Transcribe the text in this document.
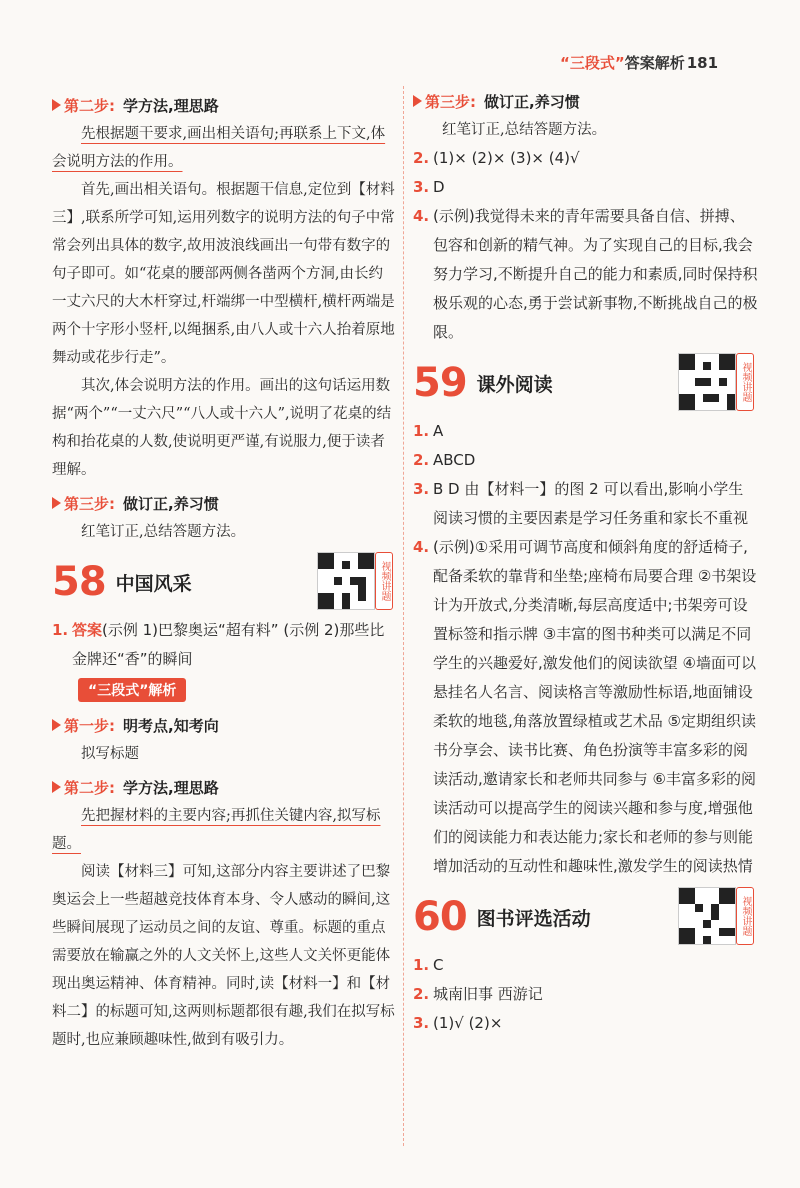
“三段式”答案解析 181
第二步: 学方法,理思路

先根据题干要求,画出相关语句;再联系上下文,体会说明方法的作用。

首先,画出相关语句。根据题干信息,定位到【材料三】,联系所学可知,运用列数字的说明方法的句子中常常会列出具体的数字,故用波浪线画出一句带有数字的句子即可。如“花桌的腰部两侧各凿两个方洞,由长约一丈六尺的大木杆穿过,杆端绑一中型横杆,横杆两端是两个十字形小竖杆,以绳捆系,由八人或十六人抬着原地舞动或花步行走”。

其次,体会说明方法的作用。画出的这句话运用数据“两个”“一丈六尺”“八人或十六人”,说明了花桌的结构和抬花桌的人数,使说明更严谨,有说服力,便于读者理解。

第三步: 做订正,养习惯

红笔订正,总结答题方法。

58 中国风采	视频讲题
1. 答案(示例 1)巴黎奥运“超有料” (示例 2)那些比金牌还“香”的瞬间
“三段式”解析
第一步: 明考点,知考向

拟写标题

第二步: 学方法,理思路

先把握材料的主要内容;再抓住关键内容,拟写标题。

阅读【材料三】可知,这部分内容主要讲述了巴黎奥运会上一些超越竞技体育本身、令人感动的瞬间,这些瞬间展现了运动员之间的友谊、尊重。标题的重点需要放在输赢之外的人文关怀上,这些人文关怀更能体现出奥运精神、体育精神。同时,读【材料一】和【材料二】的标题可知,这两则标题都很有趣,我们在拟写标题时,也应兼顾趣味性,做到有吸引力。

第三步: 做订正,养习惯

红笔订正,总结答题方法。

2. (1)× (2)× (3)× (4)√
3. D
4. (示例)我觉得未来的青年需要具备自信、拼搏、包容和创新的精气神。为了实现自己的目标,我会努力学习,不断提升自己的能力和素质,同时保持积极乐观的心态,勇于尝试新事物,不断挑战自己的极限。
59 课外阅读	视频讲题
1. A
2. ABCD
3. B D 由【材料一】的图 2 可以看出,影响小学生阅读习惯的主要因素是学习任务重和家长不重视
4. (示例)①采用可调节高度和倾斜角度的舒适椅子,配备柔软的靠背和坐垫;座椅布局要合理 ②书架设计为开放式,分类清晰,每层高度适中;书架旁可设置标签和指示牌 ③丰富的图书种类可以满足不同学生的兴趣爱好,激发他们的阅读欲望 ④墙面可以悬挂名人名言、阅读格言等激励性标语,地面铺设柔软的地毯,角落放置绿植或艺术品 ⑤定期组织读书分享会、读书比赛、角色扮演等丰富多彩的阅读活动,邀请家长和老师共同参与 ⑥丰富多彩的阅读活动可以提高学生的阅读兴趣和参与度,增强他们的阅读能力和表达能力;家长和老师的参与则能增加活动的互动性和趣味性,激发学生的阅读热情
60 图书评选活动	视频讲题
1. C
2. 城南旧事 西游记
3. (1)√ (2)×
